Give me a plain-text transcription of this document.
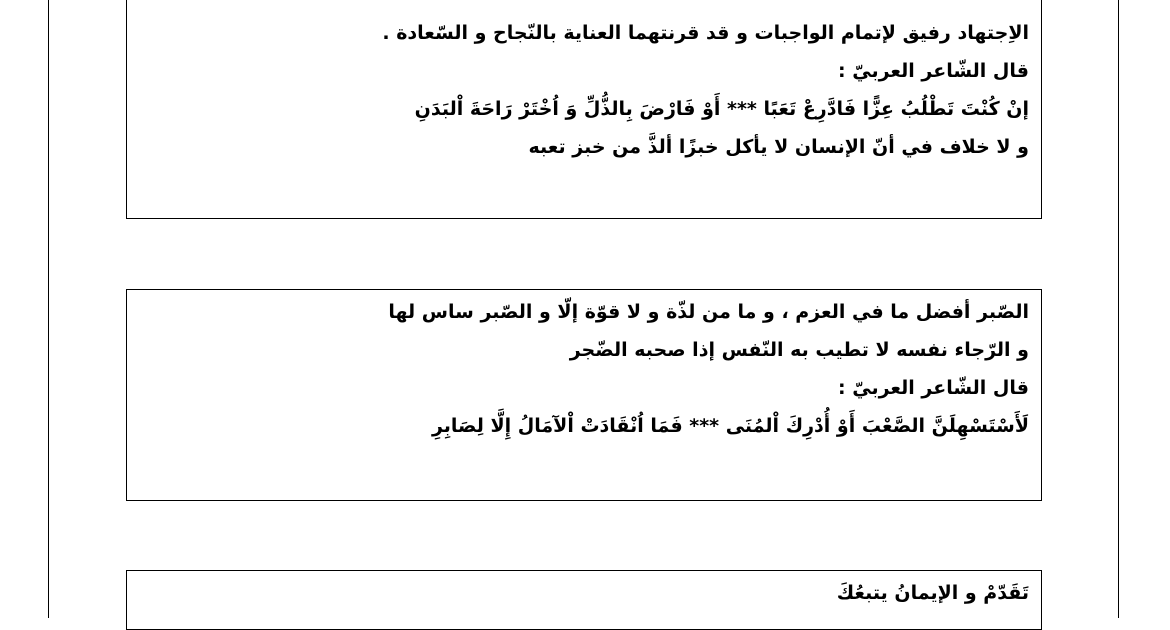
الاِجتهاد رفيق لإتمام الواجبات و قد قرنتهما العناية بالنّجاح و السّعادة .
قال الشّاعر العربيّ :
إنْ كُنْتَ تَطْلُبُ عِزًّا فَادَّرِعْ تَعَبًا *** أَوْ فَارْضَ بِالذُّلِّ وَ اُخْتَرْ رَاحَةَ اْلبَدَنِ
و لا خلاف في أنّ الإنسان لا يأكل خبزًا ألذَّ من خبز تعبه
الصّبر أفضل ما في العزم ، و ما من لذّة و لا قوّة إلّا و الصّبر ساس لها
و الرّجاء نفسه لا تطيب به النّفس إذا صحبه الضّجر
قال الشّاعر العربيّ :
لَأَسْتَسْهِلَنَّ الصَّعْبَ أَوْ أُدْرِكَ اْلمُنَى *** فَمَا اُنْقَادَتْ اْلآمَالُ إِلَّا لِصَابِرِ
تَقَدّمْ و الإيمانُ يتبعُكَ
